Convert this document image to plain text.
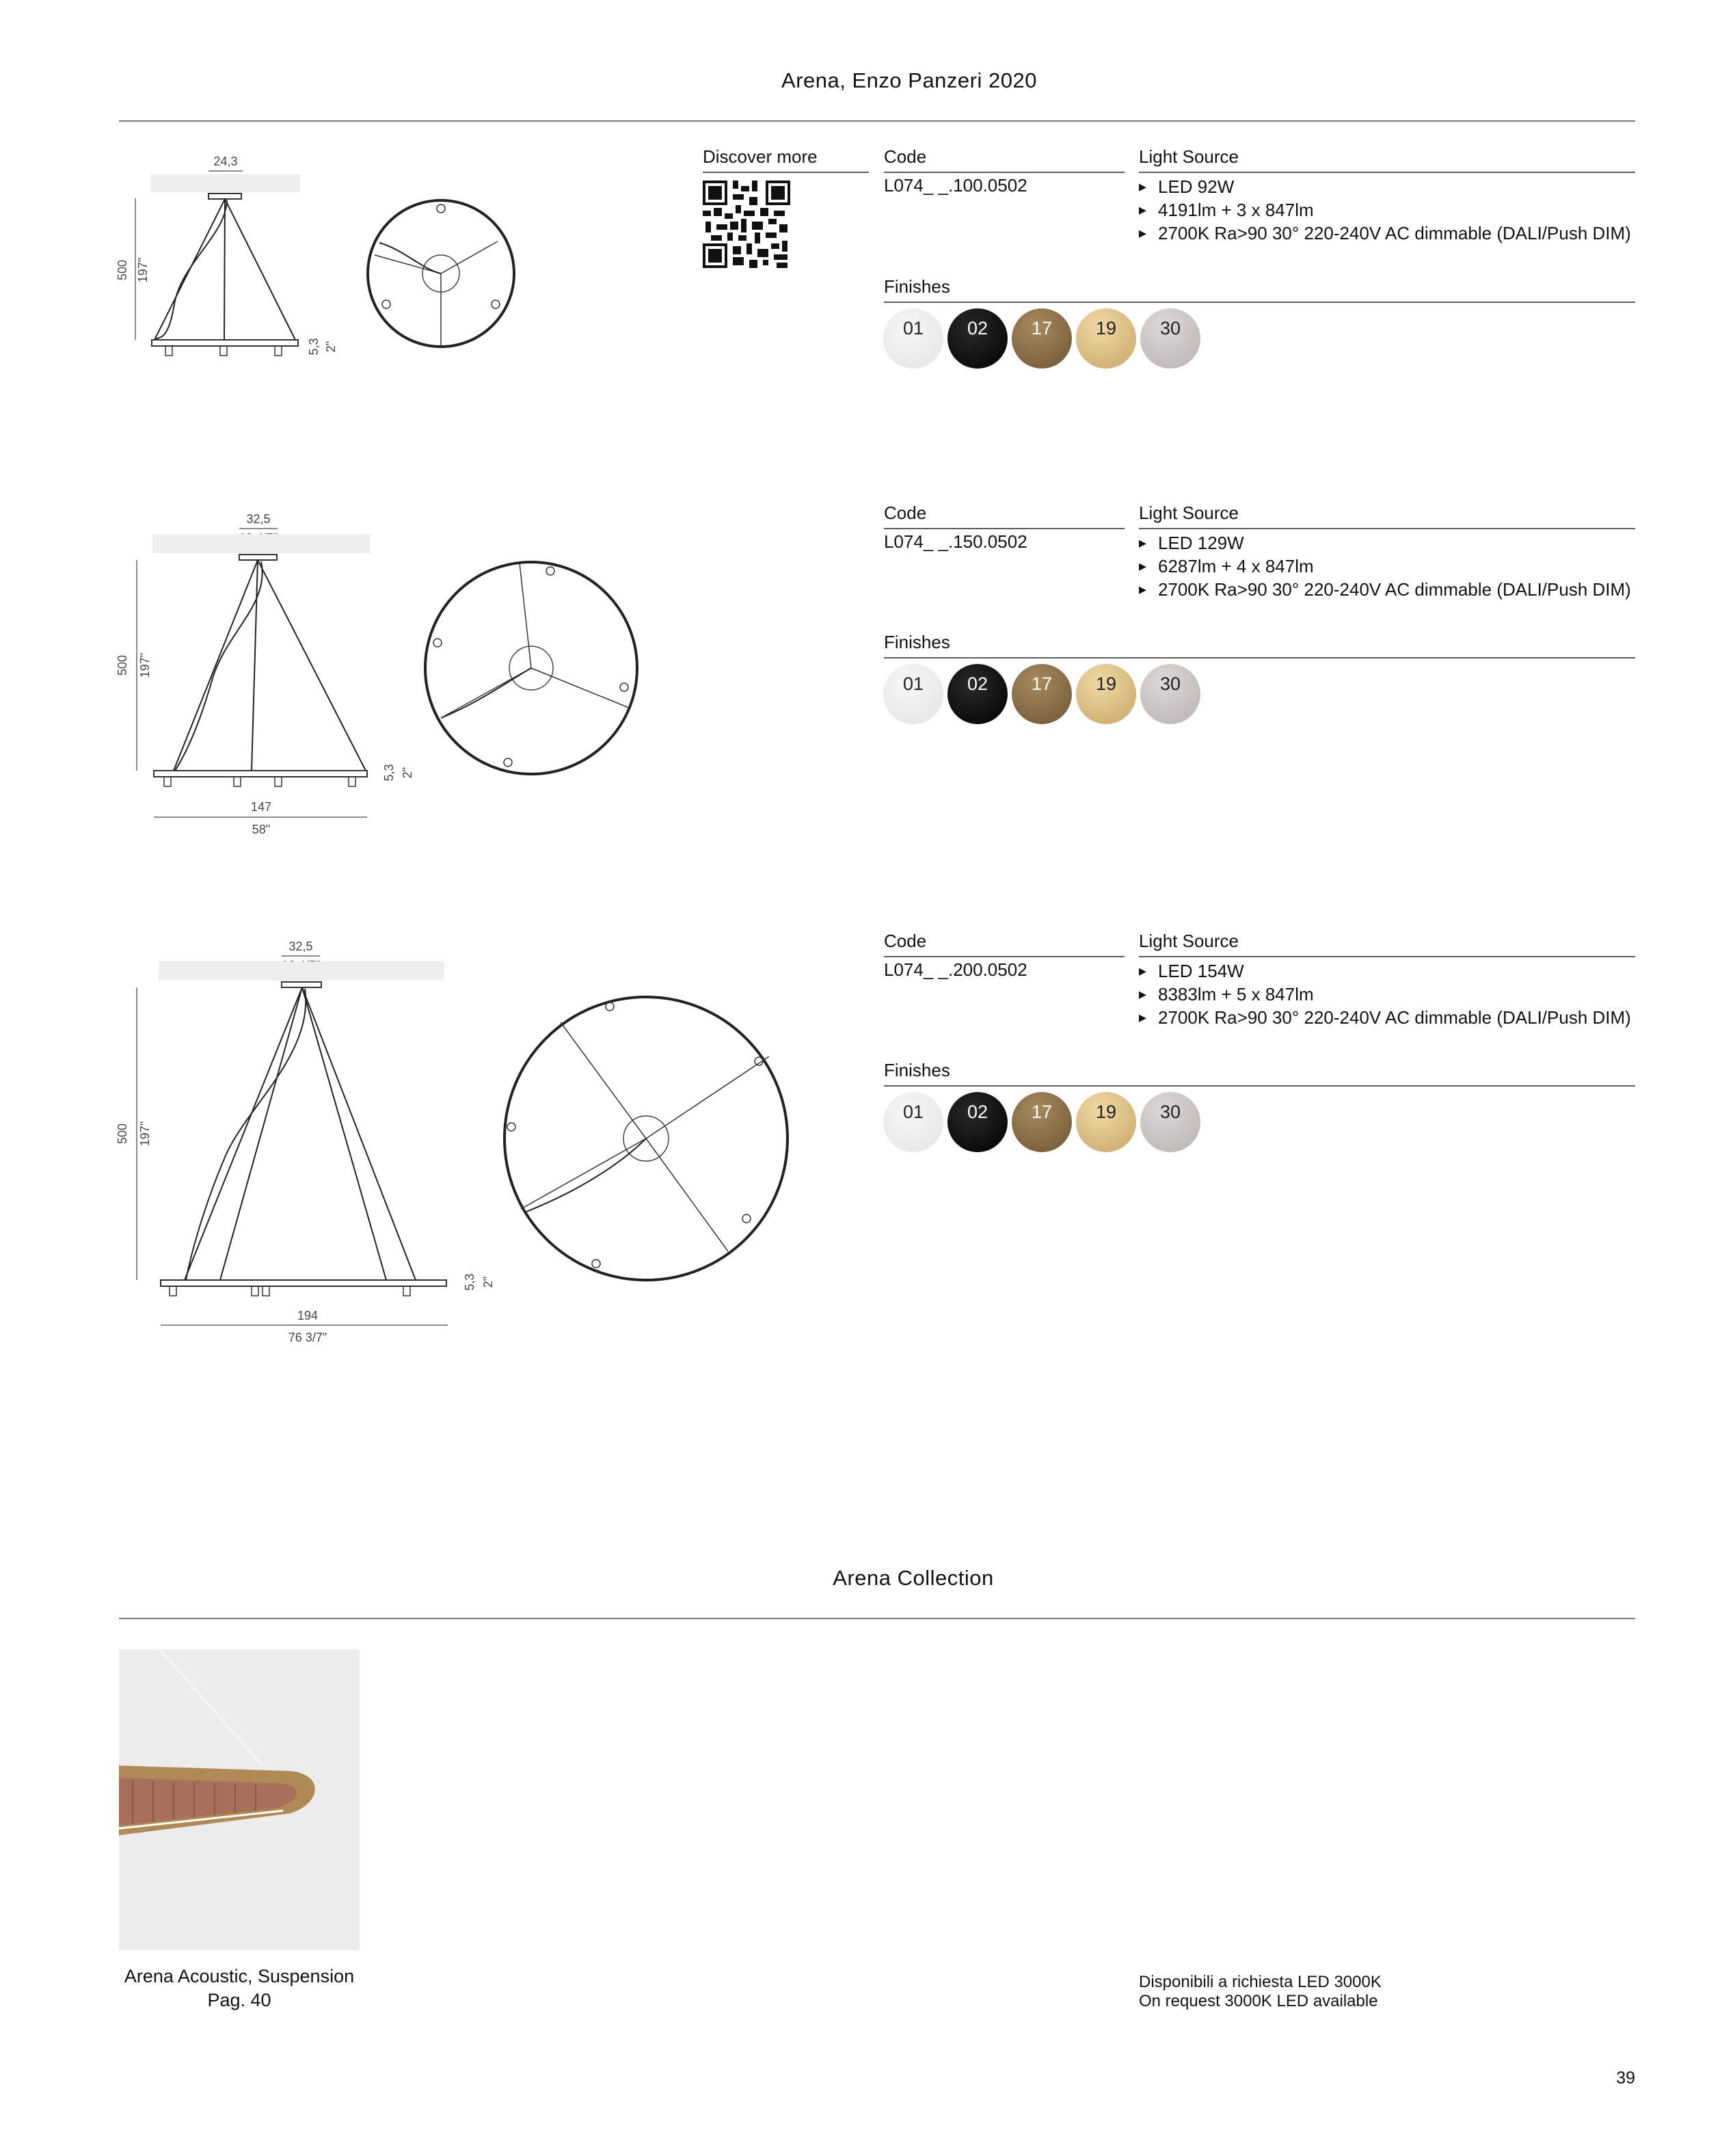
Arena, Enzo Panzeri 2020
24,3
500 197"
5,3 2"
Discover more	Code
L074_ _.100.0502
Light Source
▸ LED 92W
▸ 4191lm + 3 x 847lm
▸ 2700K Ra>90 30° 220-240V AC dimmable (DALI/Push DIM)
Finishes
01	02	17	19	30
32,5
500 197"
5,3 2"
147
58"
Code
L074_ _.150.0502
Light Source
▸ LED 129W
▸ 6287lm + 4 x 847lm
▸ 2700K Ra>90 30° 220-240V AC dimmable (DALI/Push DIM)
Finishes
01	02	17	19	30
32,5
500 197"
5,3 2"
194
76 3/7"
Code
L074_ _.200.0502
Light Source
▸ LED 154W
▸ 8383lm + 5 x 847lm
▸ 2700K Ra>90 30° 220-240V AC dimmable (DALI/Push DIM)
Finishes
01	02	17	19	30
Arena Collection
Arena Acoustic, Suspension
Pag. 40
Disponibili a richiesta LED 3000K
On request 3000K LED available
39
